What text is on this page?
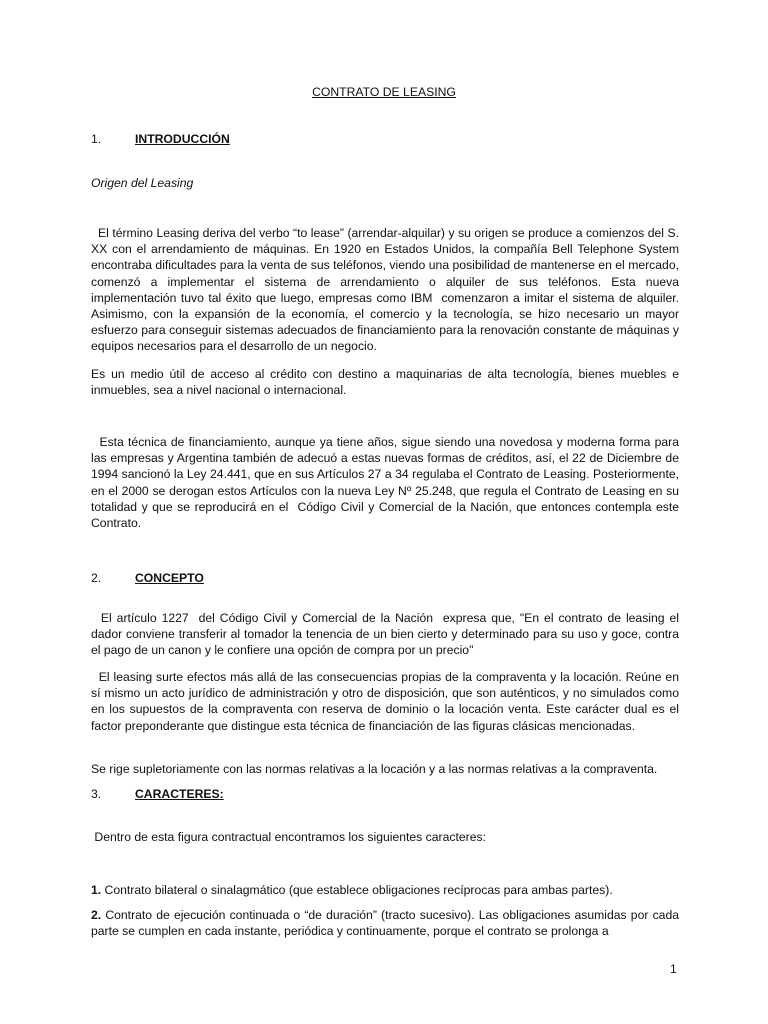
CONTRATO DE LEASING
1.	INTRODUCCIÓN
Origen del Leasing

El término Leasing deriva del verbo “to lease” (arrendar-alquilar) y su origen se produce a comienzos del S. XX con el arrendamiento de máquinas. En 1920 en Estados Unidos, la compañía Bell Telephone System encontraba dificultades para la venta de sus teléfonos, viendo una posibilidad de mantenerse en el mercado, comenzó a implementar el sistema de arrendamiento o alquiler de sus teléfonos. Esta nueva implementación tuvo tal éxito que luego, empresas como IBM  comenzaron a imitar el sistema de alquiler. Asimismo, con la expansión de la economía, el comercio y la tecnología, se hizo necesario un mayor esfuerzo para conseguir sistemas adecuados de financiamiento para la renovación constante de máquinas y  equipos necesarios para el desarrollo de un negocio.

Es un medio útil de acceso al crédito con destino a maquinarias de alta tecnología, bienes muebles e inmuebles, sea a nivel nacional o internacional.

Esta técnica de financiamiento, aunque ya tiene años, sigue siendo una novedosa y moderna forma para las empresas y Argentina también de adecuó a estas nuevas formas de créditos, así, el 22 de Diciembre de 1994 sancionó la Ley 24.441, que en sus Artículos 27 a 34 regulaba el Contrato de Leasing. Posteriormente, en el 2000 se derogan estos Artículos con la nueva Ley Nº 25.248, que regula el Contrato de Leasing en su totalidad y que se reproducirá en el  Código Civil y Comercial de la Nación, que entonces contempla este  Contrato.

2.	CONCEPTO

El artículo 1227  del Código Civil y Comercial de la Nación  expresa que, "En el contrato de leasing el dador conviene transferir al tomador la tenencia de un bien cierto y determinado para su uso y goce, contra el pago de un canon y le confiere una opción de compra por un precio"

El leasing surte efectos más allá de las consecuencias propias de la compraventa y la locación. Reúne en sí mismo un acto jurídico de administración y otro de disposición, que son auténticos, y no simulados como en los supuestos de la compraventa con reserva de dominio o la locación venta. Este carácter dual es el factor preponderante que distingue esta técnica de financiación de las figuras clásicas mencionadas.

Se rige supletoriamente con las normas relativas a la locación y a las normas relativas a la compraventa.

3.	CARACTERES:

Dentro de esta figura contractual encontramos los siguientes caracteres:

1. Contrato bilateral o sinalagmático (que establece obligaciones recíprocas para ambas partes).

2. Contrato de ejecución continuada o “de duración” (tracto sucesivo). Las obligaciones asumidas por cada parte se cumplen en cada instante, periódica y continuamente, porque el contrato se prolonga a

1
